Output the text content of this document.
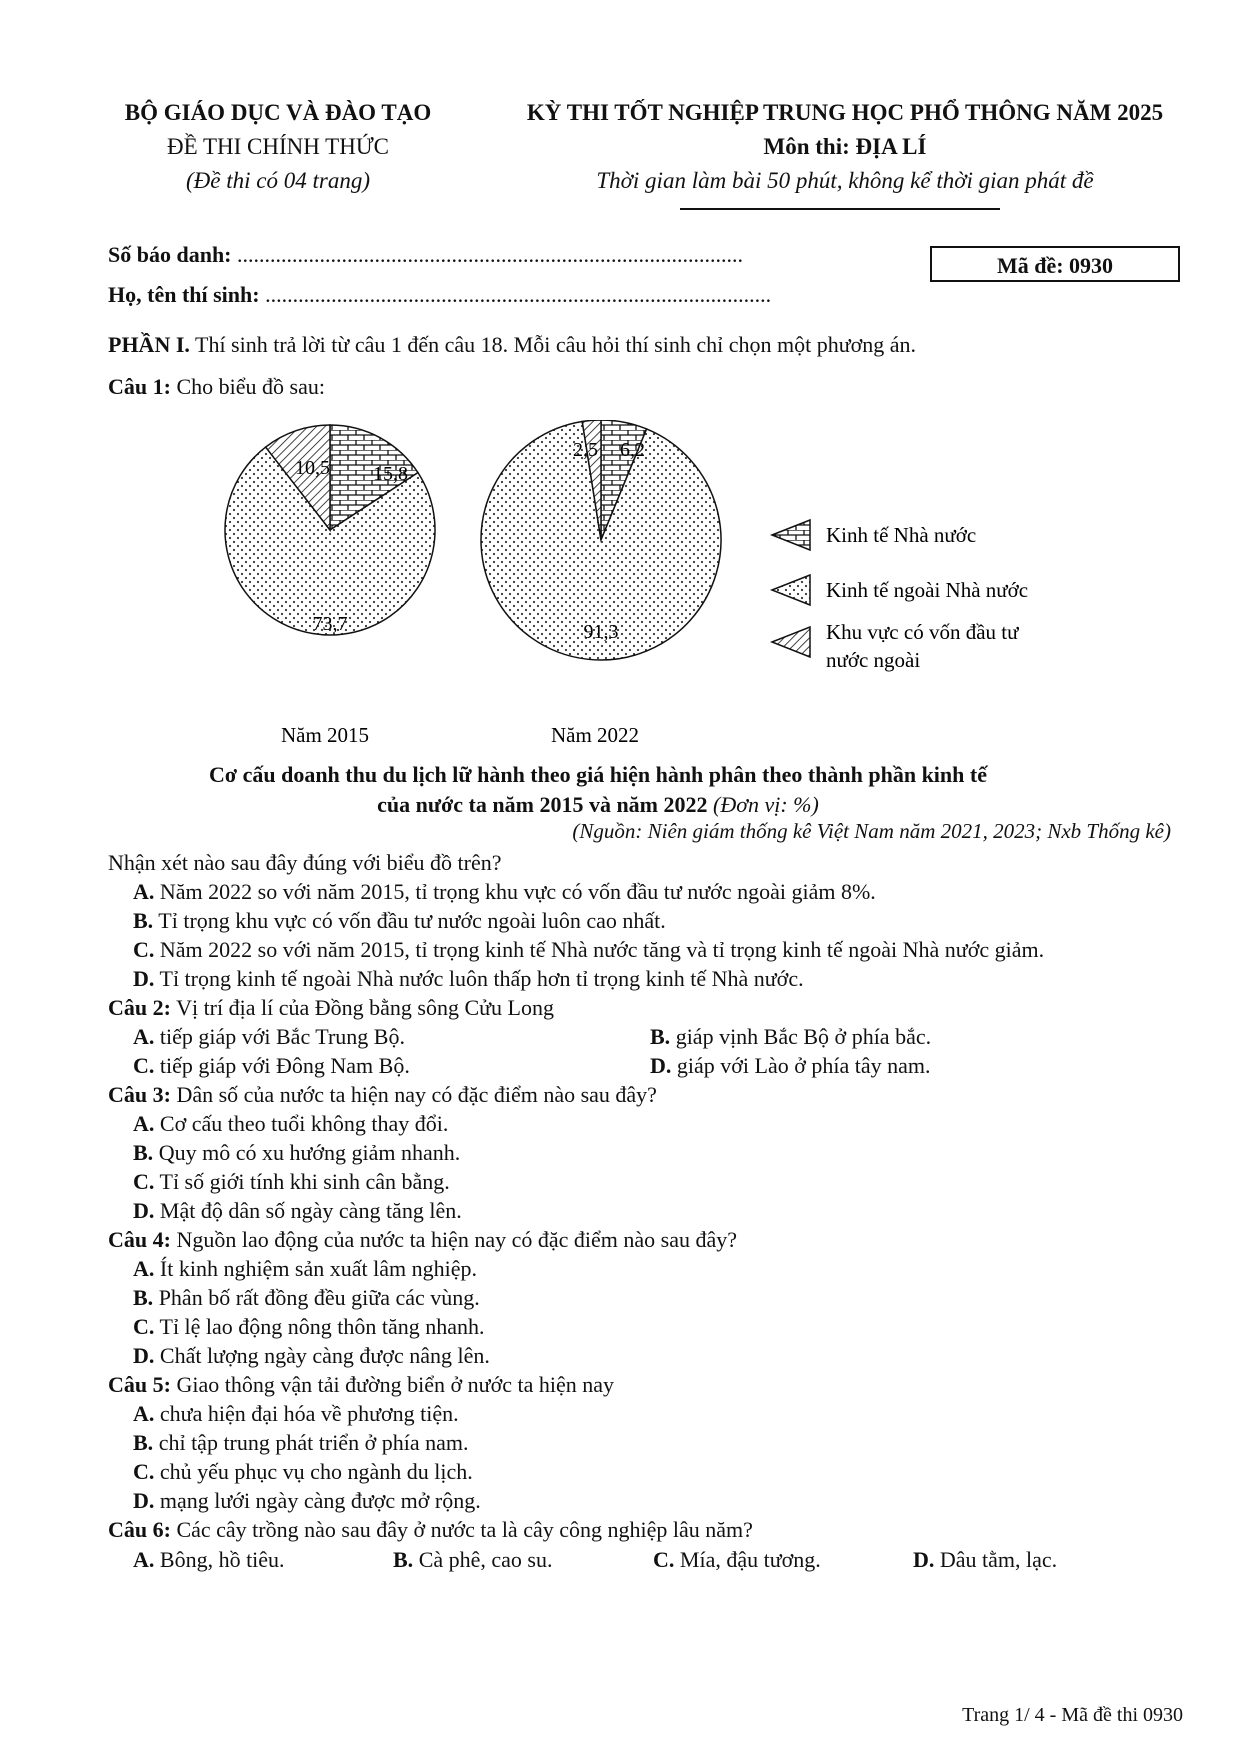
BỘ GIÁO DỤC VÀ ĐÀO TẠO
ĐỀ THI CHÍNH THỨC
(Đề thi có 04 trang)
KỲ THI TỐT NGHIỆP TRUNG HỌC PHỔ THÔNG NĂM 2025
Môn thi: ĐỊA LÍ
Thời gian làm bài 50 phút, không kể thời gian phát đề
Số báo danh: ............................................................................................
Họ, tên thí sinh: ............................................................................................
Mã đề: 0930
PHẦN I. Thí sinh trả lời từ câu 1 đến câu 18. Mỗi câu hỏi thí sinh chỉ chọn một phương án.
Câu 1: Cho biểu đồ sau:
10,5 15,8
73,7
2,5 6,2
91,3
Năm 2015	Năm 2022
Kinh tế Nhà nước
Kinh tế ngoài Nhà nước
Khu vực có vốn đầu tư
nước ngoài
Cơ cấu doanh thu du lịch lữ hành theo giá hiện hành phân theo thành phần kinh tế
của nước ta năm 2015 và năm 2022 (Đơn vị: %)
(Nguồn: Niên giám thống kê Việt Nam năm 2021, 2023; Nxb Thống kê)
Nhận xét nào sau đây đúng với biểu đồ trên?
A. Năm 2022 so với năm 2015, tỉ trọng khu vực có vốn đầu tư nước ngoài giảm 8%.
B. Tỉ trọng khu vực có vốn đầu tư nước ngoài luôn cao nhất.
C. Năm 2022 so với năm 2015, tỉ trọng kinh tế Nhà nước tăng và tỉ trọng kinh tế ngoài Nhà nước giảm.
D. Tỉ trọng kinh tế ngoài Nhà nước luôn thấp hơn tỉ trọng kinh tế Nhà nước.
Câu 2: Vị trí địa lí của Đồng bằng sông Cửu Long
A. tiếp giáp với Bắc Trung Bộ.	B. giáp vịnh Bắc Bộ ở phía bắc.
C. tiếp giáp với Đông Nam Bộ.	D. giáp với Lào ở phía tây nam.
Câu 3: Dân số của nước ta hiện nay có đặc điểm nào sau đây?
A. Cơ cấu theo tuổi không thay đổi.
B. Quy mô có xu hướng giảm nhanh.
C. Tỉ số giới tính khi sinh cân bằng.
D. Mật độ dân số ngày càng tăng lên.
Câu 4: Nguồn lao động của nước ta hiện nay có đặc điểm nào sau đây?
A. Ít kinh nghiệm sản xuất lâm nghiệp.
B. Phân bố rất đồng đều giữa các vùng.
C. Tỉ lệ lao động nông thôn tăng nhanh.
D. Chất lượng ngày càng được nâng lên.
Câu 5: Giao thông vận tải đường biển ở nước ta hiện nay
A. chưa hiện đại hóa về phương tiện.
B. chỉ tập trung phát triển ở phía nam.
C. chủ yếu phục vụ cho ngành du lịch.
D. mạng lưới ngày càng được mở rộng.
Câu 6: Các cây trồng nào sau đây ở nước ta là cây công nghiệp lâu năm?
A. Bông, hồ tiêu.	B. Cà phê, cao su.	C. Mía, đậu tương.	D. Dâu tằm, lạc.
Trang 1/ 4 - Mã đề thi 0930
